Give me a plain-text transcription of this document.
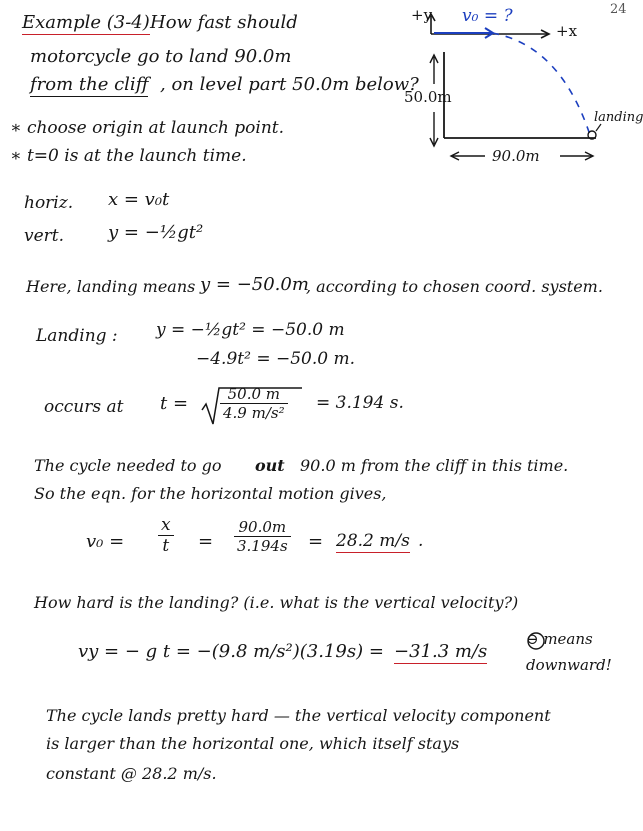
24
Example (3-4) How fast should
motorcycle go to land 90.0m
from the cliff , on level part 50.0m below?
+y
+x
v₀ = ?
50.0m
90.0m
landing
∗ choose origin at launch point.
∗ t=0 is at the launch time.
horiz. x = v₀t
vert. y = −½gt²
Here, landing means y = −50.0m
, according to chosen coord. system.
Landing : y = −½gt² = −50.0 m
−4.9t² = −50.0 m.
occurs at $t = \frac{50.0 m}{\text{4.9 m/s²}} = 3.194$ s.
The cycle needed to go out 90.0 m from the cliff in this time.
So the eqn. for the horizontal motion gives,
$v_0 = \frac{x}{t} = \frac{90.0m}{3.194s} = 28.2$ m/s .
How hard is the landing? (i.e. what is the vertical velocity?)
vy = − g t = −(9.8 m/s²)(3.19s) = −31.3 m/s
⊖ means
downward!
The cycle lands pretty hard — the vertical velocity component
is larger than the horizontal one, which itself stays
constant @ 28.2 m/s.
